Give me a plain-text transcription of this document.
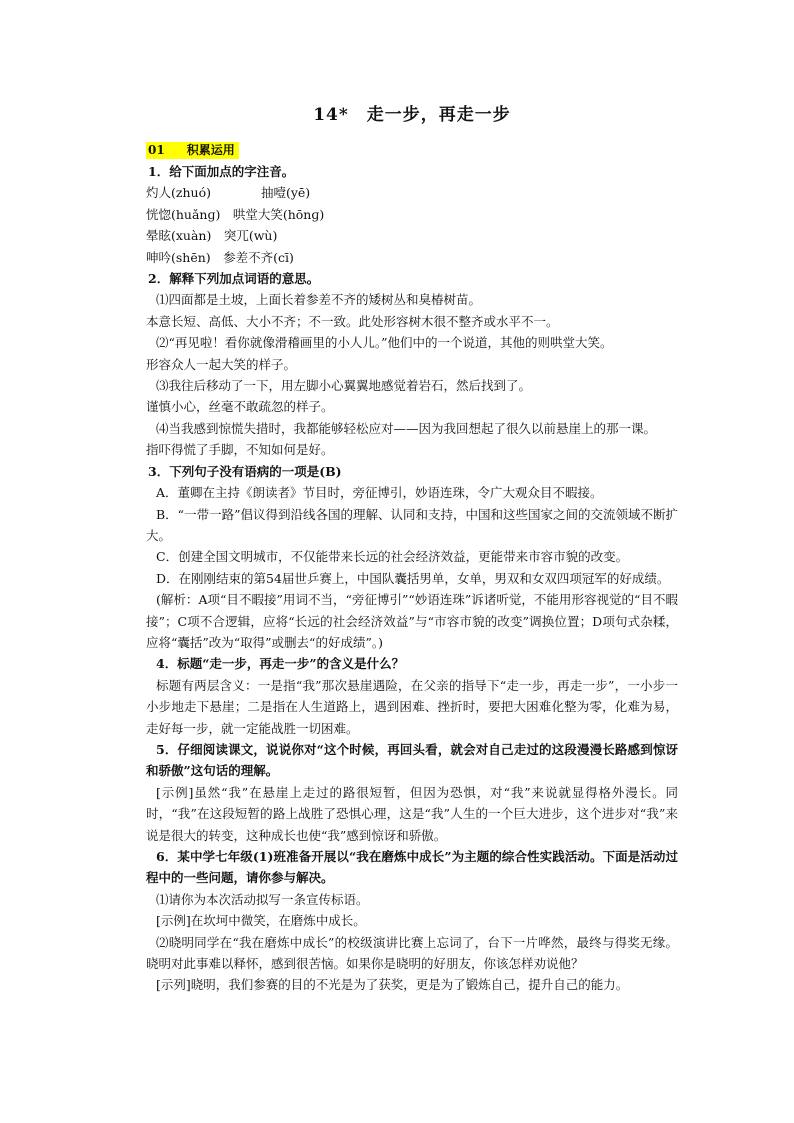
14*　走一步，再走一步
01 积累运用

1．给下面加点的字注音。

灼人(zhuó)　　　　抽噎(yē)

恍惚(huǎnɡ)　哄堂大笑(hōnɡ)

晕眩(xuàn)　突兀(wù)

呻吟(shēn)　参差不齐(cī)

2．解释下列加点词语的意思。

⑴四面都是土坡，上面长着参差不齐的矮树丛和臭椿树苗。

本意长短、高低、大小不齐；不一致。此处形容树木很不整齐或水平不一。

⑵“再见啦！看你就像滑稽画里的小人儿。”他们中的一个说道，其他的则哄堂大笑。

形容众人一起大笑的样子。

⑶我往后移动了一下，用左脚小心翼翼地感觉着岩石，然后找到了。

谨慎小心，丝毫不敢疏忽的样子。

⑷当我感到惊慌失措时，我都能够轻松应对——因为我回想起了很久以前悬崖上的那一课。

指吓得慌了手脚，不知如何是好。

3．下列句子没有语病的一项是(B)

A．董卿在主持《朗读者》节目时，旁征博引，妙语连珠，令广大观众目不暇接。

B．“一带一路”倡议得到沿线各国的理解、认同和支持，中国和这些国家之间的交流领域不断扩大。

C．创建全国文明城市，不仅能带来长远的社会经济效益，更能带来市容市貌的改变。

D．在刚刚结束的第54届世乒赛上，中国队囊括男单，女单，男双和女双四项冠军的好成绩。

(解析：A项“目不暇接”用词不当，“旁征博引”“妙语连珠”诉诸听觉，不能用形容视觉的“目不暇接”；C项不合逻辑，应将“长远的社会经济效益”与“市容市貌的改变”调换位置；D项句式杂糅，应将“囊括”改为“取得”或删去“的好成绩”。)

4．标题“走一步，再走一步”的含义是什么？

标题有两层含义：一是指“我”那次悬崖遇险，在父亲的指导下“走一步，再走一步”，一小步一小步地走下悬崖；二是指在人生道路上，遇到困难、挫折时，要把大困难化整为零，化难为易，走好每一步，就一定能战胜一切困难。

5．仔细阅读课文，说说你对“这个时候，再回头看，就会对自己走过的这段漫漫长路感到惊讶和骄傲”这句话的理解。

[示例]虽然“我”在悬崖上走过的路很短暂，但因为恐惧，对“我”来说就显得格外漫长。同时，“我”在这段短暂的路上战胜了恐惧心理，这是“我”人生的一个巨大进步，这个进步对“我”来说是很大的转变，这种成长也使“我”感到惊讶和骄傲。

6．某中学七年级(1)班准备开展以“我在磨炼中成长”为主题的综合性实践活动。下面是活动过程中的一些问题，请你参与解决。

⑴请你为本次活动拟写一条宣传标语。

[示例]在坎坷中微笑，在磨炼中成长。

⑵晓明同学在“我在磨炼中成长”的校级演讲比赛上忘词了，台下一片哗然，最终与得奖无缘。晓明对此事难以释怀，感到很苦恼。如果你是晓明的好朋友，你该怎样劝说他？

[示列]晓明，我们参赛的目的不光是为了获奖，更是为了锻炼自己，提升自己的能力。
